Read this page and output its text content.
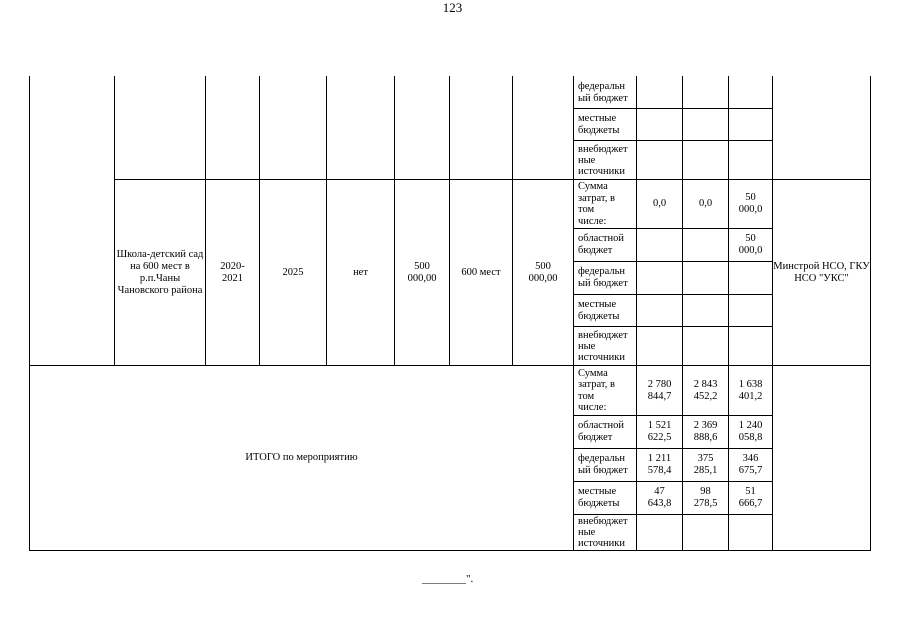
123
федеральн ый бюджет
местные бюджеты
внебюджет ные источники
Школа-детский сад на 600 мест в р.п.Чаны Чановского района
2020-2021
2025	нет
500 000,00
600 мест
500 000,00
Минстрой НСО, ГКУ НСО "УКС"
Сумма затрат, в том числе:
0,0	0,0
50 000,0
областной бюджет
50 000,0
федеральн ый бюджет
местные бюджеты
внебюджет ные источники
ИТОГО по мероприятию
Сумма затрат, в том числе:
2 780 844,7
2 843 452,2
1 638 401,2
областной бюджет
1 521 622,5
2 369 888,6
1 240 058,8
федеральн ый бюджет
1 211 578,4
375 285,1
346 675,7
местные бюджеты
47 643,8
98 278,5
51 666,7
внебюджет ные источники
________".
